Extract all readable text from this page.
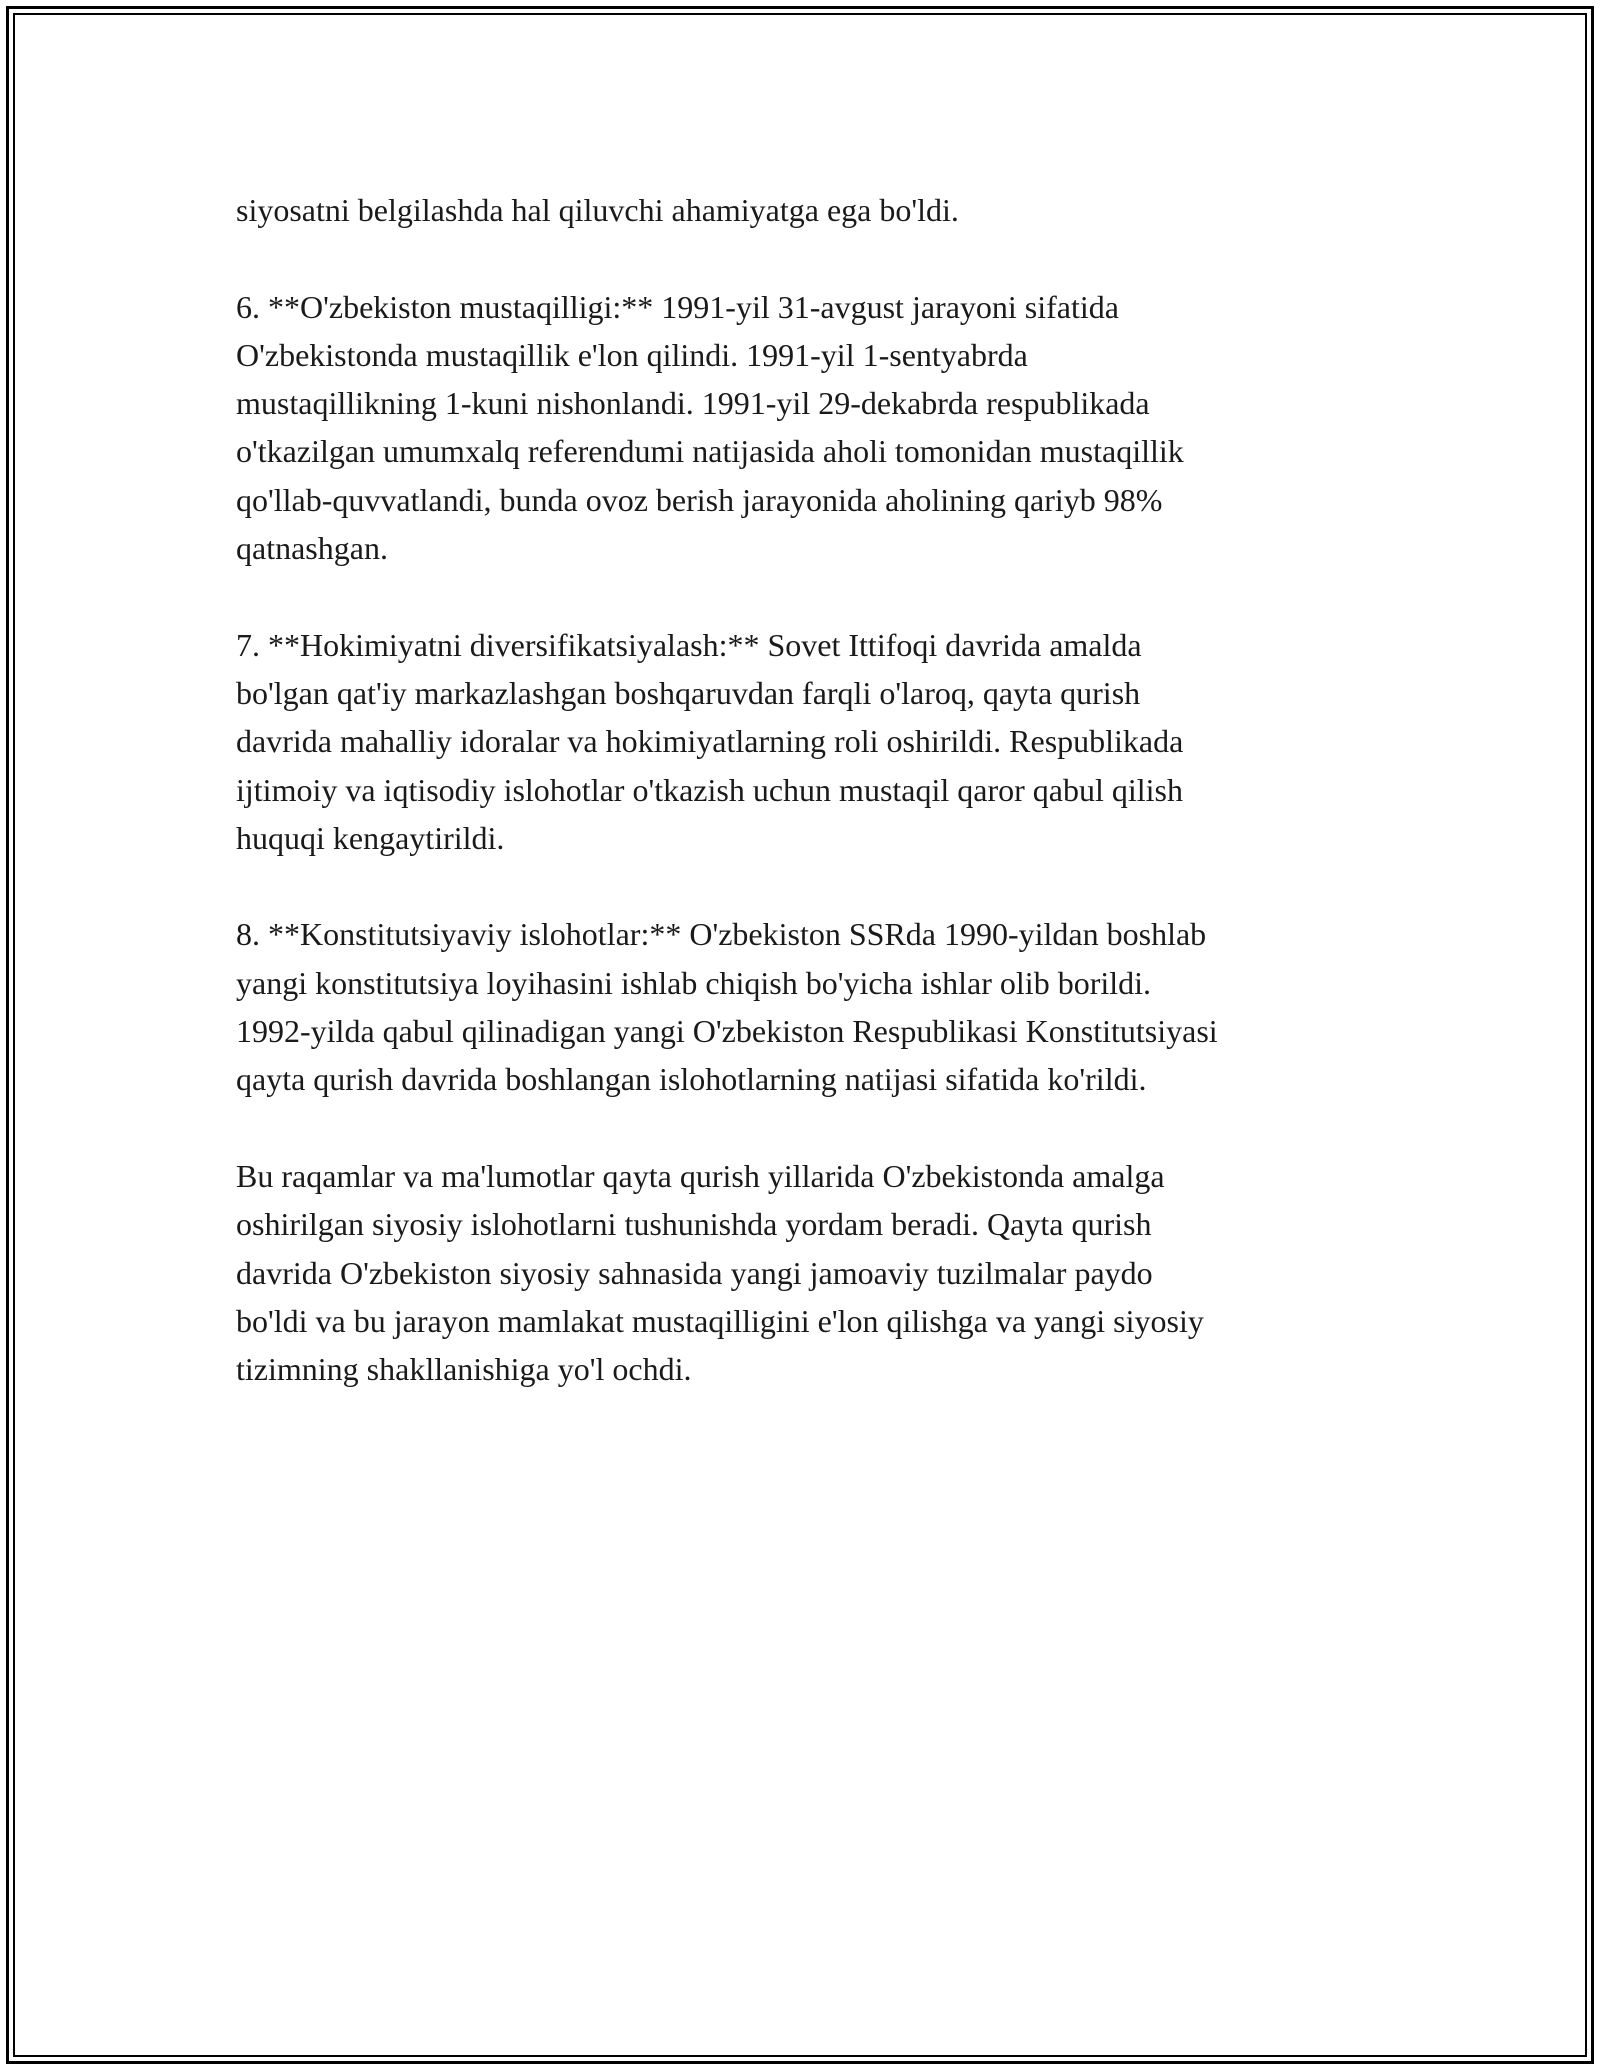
siyosatni belgilashda hal qiluvchi ahamiyatga ega bo'ldi.

6. **O'zbekiston mustaqilligi:** 1991-yil 31-avgust jarayoni sifatida
O'zbekistonda mustaqillik e'lon qilindi. 1991-yil 1-sentyabrda
mustaqillikning 1-kuni nishonlandi. 1991-yil 29-dekabrda respublikada
o'tkazilgan umumxalq referendumi natijasida aholi tomonidan mustaqillik
qo'llab-quvvatlandi, bunda ovoz berish jarayonida aholining qariyb 98%
qatnashgan.

7. **Hokimiyatni diversifikatsiyalash:** Sovet Ittifoqi davrida amalda
bo'lgan qat'iy markazlashgan boshqaruvdan farqli o'laroq, qayta qurish
davrida mahalliy idoralar va hokimiyatlarning roli oshirildi. Respublikada
ijtimoiy va iqtisodiy islohotlar o'tkazish uchun mustaqil qaror qabul qilish
huquqi kengaytirildi.

8. **Konstitutsiyaviy islohotlar:** O'zbekiston SSRda 1990-yildan boshlab
yangi konstitutsiya loyihasini ishlab chiqish bo'yicha ishlar olib borildi.
1992-yilda qabul qilinadigan yangi O'zbekiston Respublikasi Konstitutsiyasi
qayta qurish davrida boshlangan islohotlarning natijasi sifatida ko'rildi.

Bu raqamlar va ma'lumotlar qayta qurish yillarida O'zbekistonda amalga
oshirilgan siyosiy islohotlarni tushunishda yordam beradi. Qayta qurish
davrida O'zbekiston siyosiy sahnasida yangi jamoaviy tuzilmalar paydo
bo'ldi va bu jarayon mamlakat mustaqilligini e'lon qilishga va yangi siyosiy
tizimning shakllanishiga yo'l ochdi.
